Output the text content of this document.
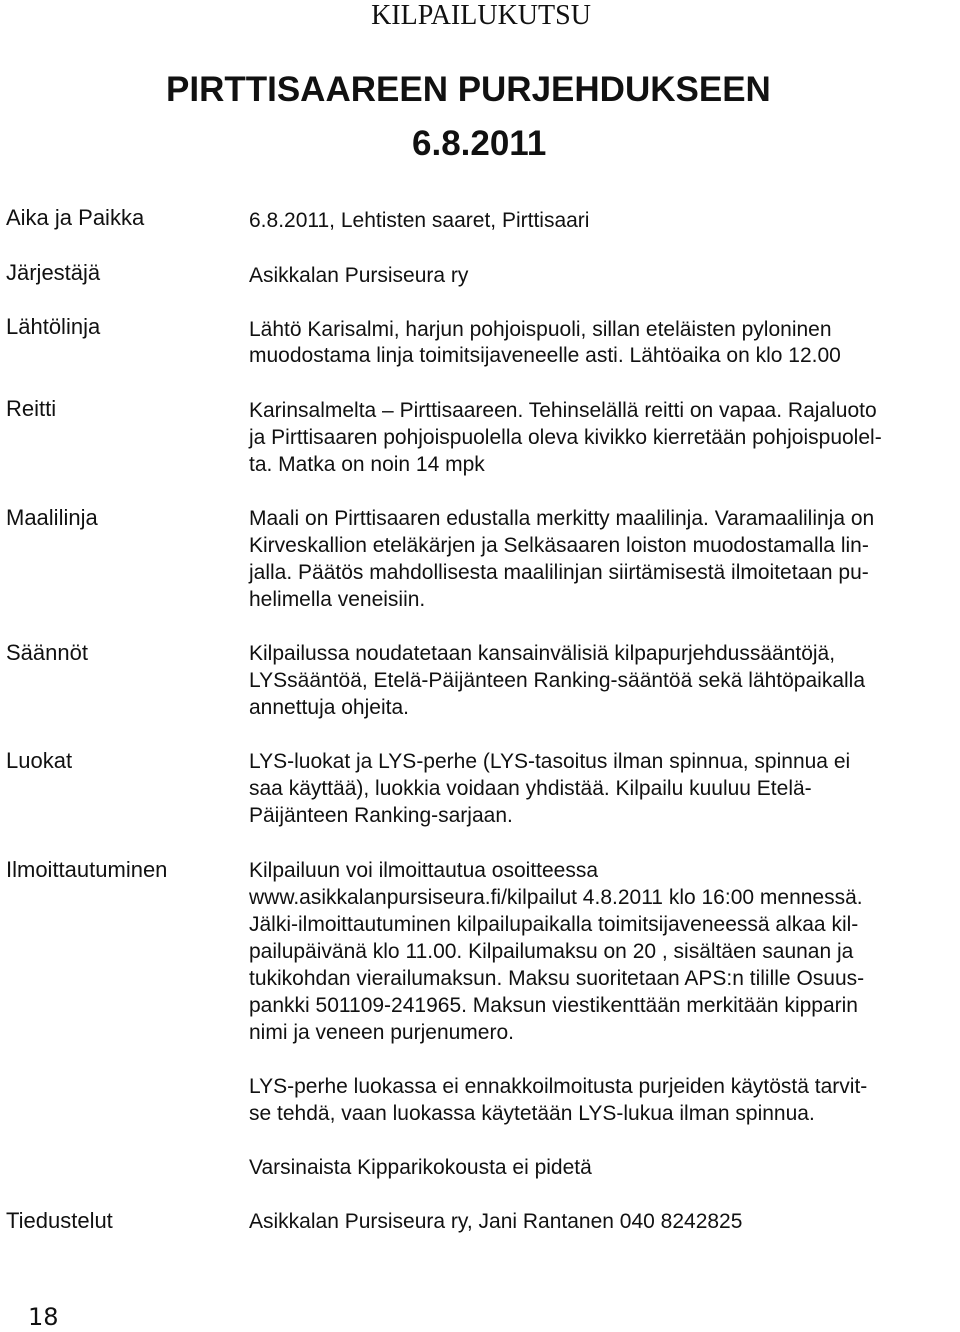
KILPAILUKUTSU
PIRTTISAAREEN PURJEHDUKSEEN
6.8.2011
Aika ja Paikka	6.8.2011, Lehtisten saaret, Pirttisaari
Järjestäjä	Asikkalan Pursiseura ry
Lähtölinja	Lähtö Karisalmi, harjun pohjoispuoli, sillan eteläisten pyloninen
muodostama linja toimitsijaveneelle asti. Lähtöaika on klo 12.00
Reitti	Karinsalmelta – Pirttisaareen. Tehinselällä reitti on vapaa. Rajaluoto
ja Pirttisaaren pohjoispuolella oleva kivikko kierretään pohjoispuolel-
ta. Matka on noin 14 mpk
Maalilinja	Maali on Pirttisaaren edustalla merkitty maalilinja. Varamaalilinja on
Kirveskallion eteläkärjen ja Selkäsaaren loiston muodostamalla lin-
jalla. Päätös mahdollisesta maalilinjan siirtämisestä ilmoitetaan pu-
helimella veneisiin.
Säännöt	Kilpailussa noudatetaan kansainvälisiä kilpapurjehdussääntöjä,
LYSsääntöä, Etelä-Päijänteen Ranking-sääntöä sekä lähtöpaikalla
annettuja ohjeita.
Luokat	LYS-luokat ja LYS-perhe (LYS-tasoitus ilman spinnua, spinnua ei
saa käyttää), luokkia voidaan yhdistää. Kilpailu kuuluu Etelä-
Päijänteen Ranking-sarjaan.
Ilmoittautuminen	Kilpailuun voi ilmoittautua osoitteessa
www.asikkalanpursiseura.fi/kilpailut 4.8.2011 klo 16:00 mennessä.
Jälki-ilmoittautuminen kilpailupaikalla toimitsijaveneessä alkaa kil-
pailupäivänä klo 11.00. Kilpailumaksu on 20 , sisältäen saunan ja
tukikohdan vierailumaksun. Maksu suoritetaan APS:n tilille Osuus-
pankki 501109-241965. Maksun viestikenttään merkitään kipparin
nimi ja veneen purjenumero.
LYS-perhe luokassa ei ennakkoilmoitusta purjeiden käytöstä tarvit-
se tehdä, vaan luokassa käytetään LYS-lukua ilman spinnua.
Varsinaista Kipparikokousta ei pidetä
Tiedustelut	Asikkalan Pursiseura ry, Jani Rantanen 040 8242825
18
